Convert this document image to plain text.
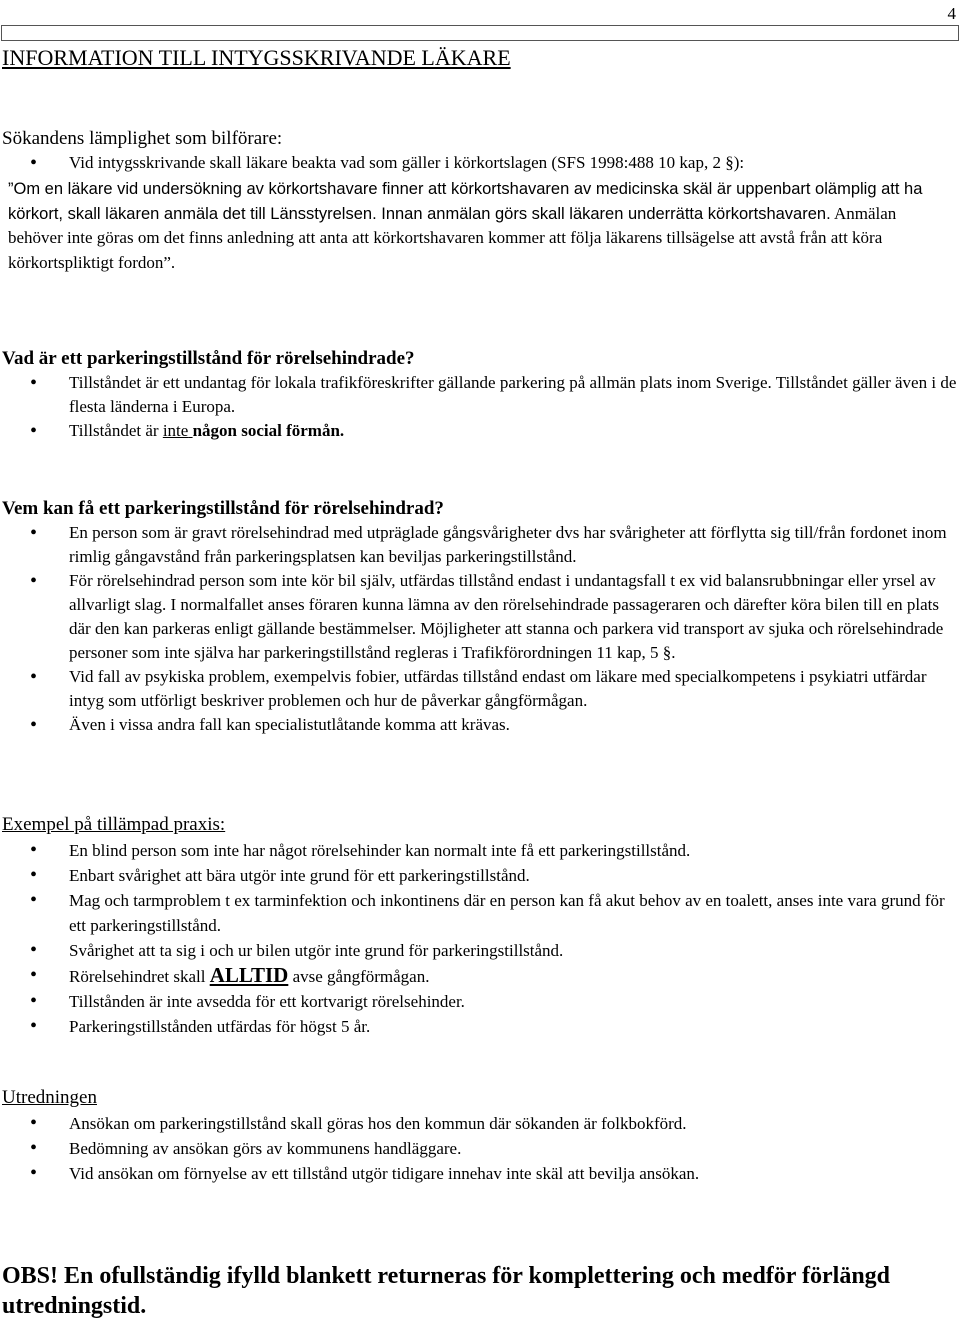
4
INFORMATION TILL INTYGSSKRIVANDE LÄKARE
Sökandens lämplighet som bilförare:
• Vid intygsskrivande skall läkare beakta vad som gäller i körkortslagen (SFS 1998:488 10 kap, 2 §):

”Om en läkare vid undersökning av körkortshavare finner att körkortshavaren av medicinska skäl är uppenbart olämplig att ha körkort, skall läkaren anmäla det till Länsstyrelsen. Innan anmälan görs skall läkaren underrätta körkortshavaren. Anmälan behöver inte göras om det finns anledning att anta att körkortshavaren kommer att följa läkarens tillsägelse att avstå från att köra körkortspliktigt fordon”.

Vad är ett parkeringstillstånd för rörelsehindrade?
• Tillståndet är ett undantag för lokala trafikföreskrifter gällande parkering på allmän plats inom Sverige. Tillståndet gäller även i de flesta länderna i Europa.
• Tillståndet är inte någon social förmån.
Vem kan få ett parkeringstillstånd för rörelsehindrad?
• En person som är gravt rörelsehindrad med utpräglade gångsvårigheter dvs har svårigheter att förflytta sig till/från fordonet inom rimlig gångavstånd från parkeringsplatsen kan beviljas parkeringstillstånd.
• För rörelsehindrad person som inte kör bil själv, utfärdas tillstånd endast i undantagsfall t ex vid balansrubbningar eller yrsel av allvarligt slag. I normalfallet anses föraren kunna lämna av den rörelsehindrade passageraren och därefter köra bilen till en plats där den kan parkeras enligt gällande bestämmelser. Möjligheter att stanna och parkera vid transport av sjuka och rörelsehindrade personer som inte själva har parkeringstillstånd regleras i Trafikförordningen 11 kap, 5 §.
• Vid fall av psykiska problem, exempelvis fobier, utfärdas tillstånd endast om läkare med specialkompetens i psykiatri utfärdar intyg som utförligt beskriver problemen och hur de påverkar gångförmågan.
• Även i vissa andra fall kan specialistutlåtande komma att krävas.
Exempel på tillämpad praxis:
• En blind person som inte har något rörelsehinder kan normalt inte få ett parkeringstillstånd.
• Enbart svårighet att bära utgör inte grund för ett parkeringstillstånd.
• Mag och tarmproblem t ex tarminfektion och inkontinens där en person kan få akut behov av en toalett, anses inte vara grund för ett parkeringstillstånd.
• Svårighet att ta sig i och ur bilen utgör inte grund för parkeringstillstånd.
• Rörelsehindret skall ALLTID avse gångförmågan.
• Tillstånden är inte avsedda för ett kortvarigt rörelsehinder.
• Parkeringstillstånden utfärdas för högst 5 år.
Utredningen
• Ansökan om parkeringstillstånd skall göras hos den kommun där sökanden är folkbokförd.
• Bedömning av ansökan görs av kommunens handläggare.
• Vid ansökan om förnyelse av ett tillstånd utgör tidigare innehav inte skäl att bevilja ansökan.
OBS! En ofullständig ifylld blankett returneras för komplettering och medför förlängd utredningstid.
